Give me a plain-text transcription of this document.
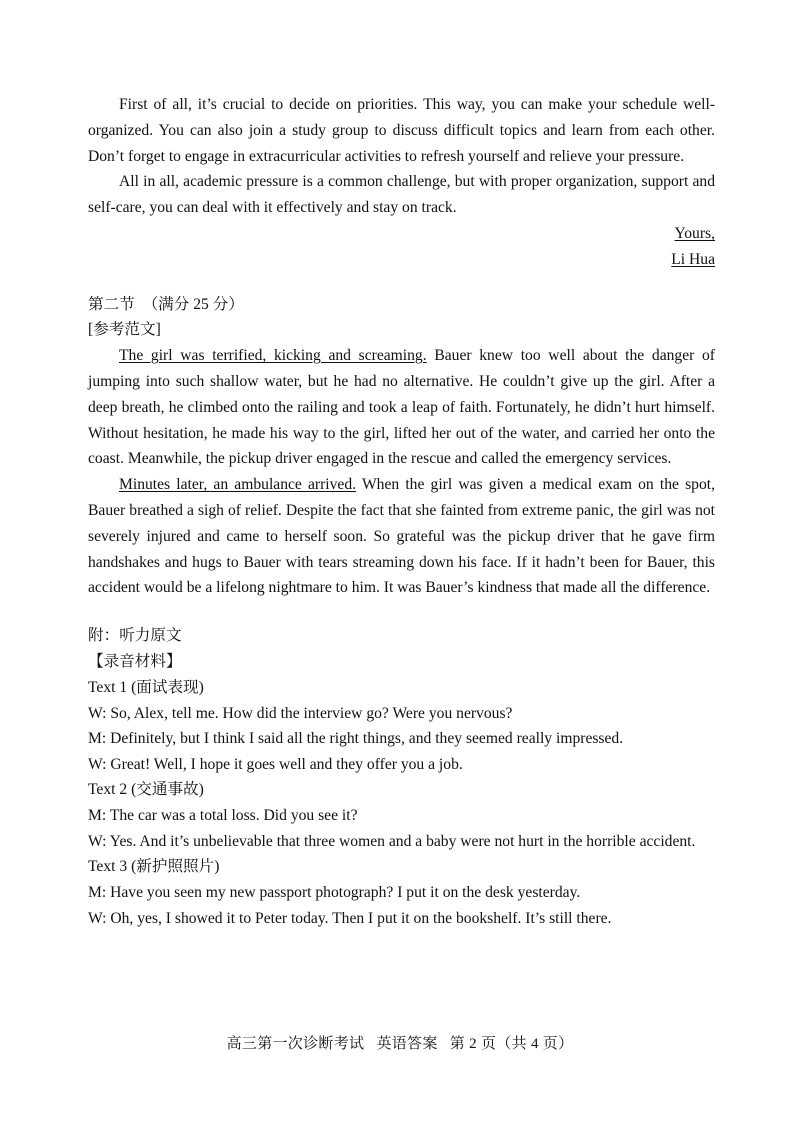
First of all, it’s crucial to decide on priorities. This way, you can make your schedule well-organized. You can also join a study group to discuss difficult topics and learn from each other. Don’t forget to engage in extracurricular activities to refresh yourself and relieve your pressure.

All in all, academic pressure is a common challenge, but with proper organization, support and self-care, you can deal with it effectively and stay on track.

Yours,

Li Hua

第二节  （满分 25 分）

[参考范文]

The girl was terrified, kicking and screaming. Bauer knew too well about the danger of jumping into such shallow water, but he had no alternative. He couldn’t give up the girl. After a deep breath, he climbed onto the railing and took a leap of faith. Fortunately, he didn’t hurt himself. Without hesitation, he made his way to the girl, lifted her out of the water, and carried her onto the coast. Meanwhile, the pickup driver engaged in the rescue and called the emergency services.

Minutes later, an ambulance arrived. When the girl was given a medical exam on the spot, Bauer breathed a sigh of relief. Despite the fact that she fainted from extreme panic, the girl was not severely injured and came to herself soon. So grateful was the pickup driver that he gave firm handshakes and hugs to Bauer with tears streaming down his face. If it hadn’t been for Bauer, this accident would be a lifelong nightmare to him. It was Bauer’s kindness that made all the difference.

附：听力原文

【录音材料】

Text 1 (面试表现)

W: So, Alex, tell me. How did the interview go? Were you nervous?

M: Definitely, but I think I said all the right things, and they seemed really impressed.

W: Great! Well, I hope it goes well and they offer you a job.

Text 2 (交通事故)

M: The car was a total loss. Did you see it?

W: Yes. And it’s unbelievable that three women and a baby were not hurt in the horrible accident.

Text 3 (新护照照片)

M: Have you seen my new passport photograph? I put it on the desk yesterday.

W: Oh, yes, I showed it to Peter today. Then I put it on the bookshelf. It’s still there.

高三第一次诊断考试   英语答案   第 2 页（共 4 页）
